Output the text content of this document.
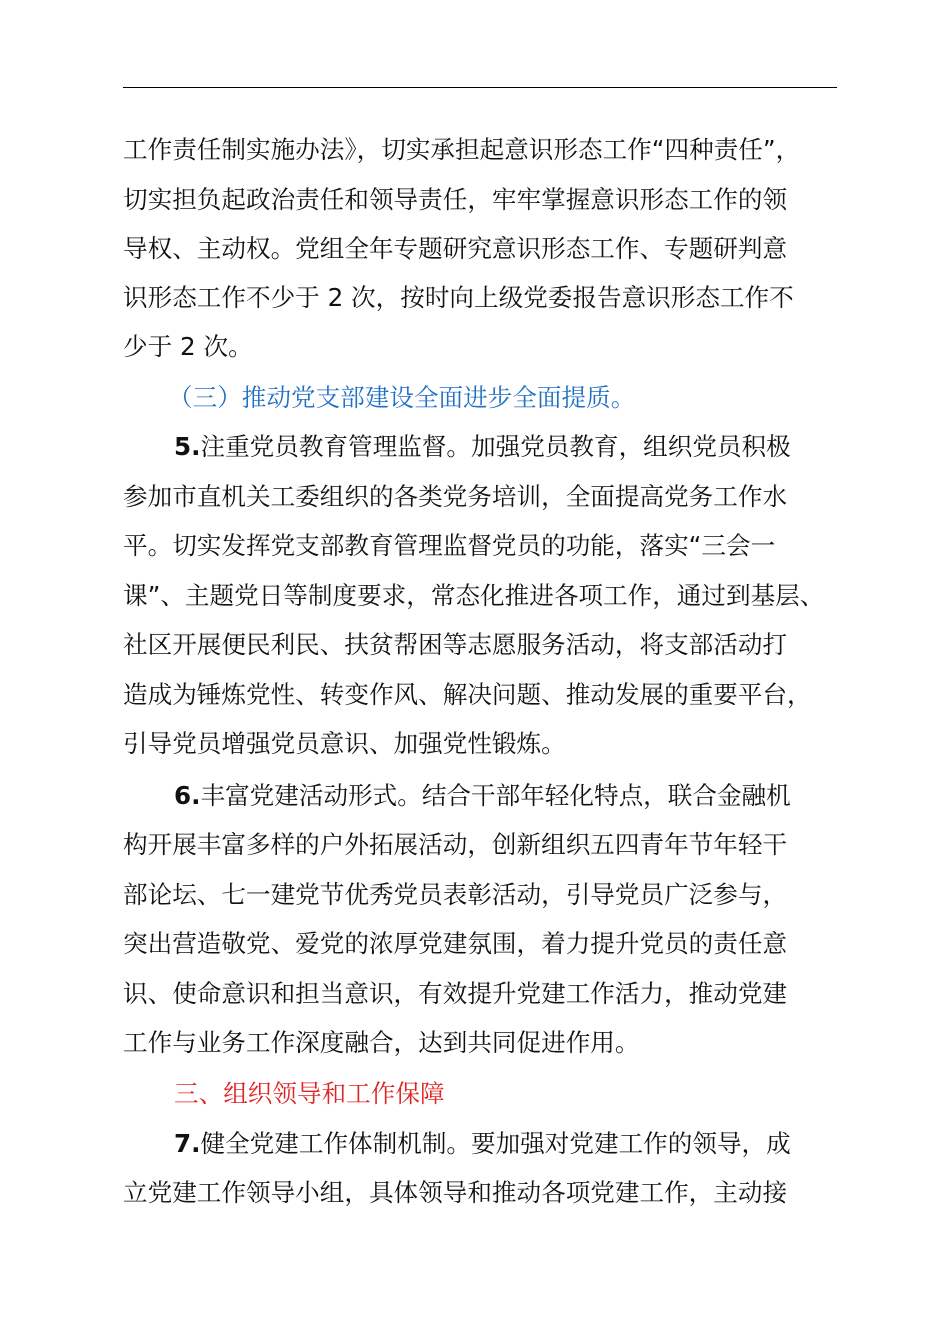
工作责任制实施办法》，切实承担起意识形态工作“四种责任”，
切实担负起政治责任和领导责任，牢牢掌握意识形态工作的领
导权、主动权。党组全年专题研究意识形态工作、专题研判意
识形态工作不少于 2 次，按时向上级党委报告意识形态工作不
少于 2 次。
（三）推动党支部建设全面进步全面提质。
5.注重党员教育管理监督。加强党员教育，组织党员积极
参加市直机关工委组织的各类党务培训，全面提高党务工作水
平。切实发挥党支部教育管理监督党员的功能，落实“三会一
课”、主题党日等制度要求，常态化推进各项工作，通过到基层、
社区开展便民利民、扶贫帮困等志愿服务活动，将支部活动打
造成为锤炼党性、转变作风、解决问题、推动发展的重要平台，
引导党员增强党员意识、加强党性锻炼。
6.丰富党建活动形式。结合干部年轻化特点，联合金融机
构开展丰富多样的户外拓展活动，创新组织五四青年节年轻干
部论坛、七一建党节优秀党员表彰活动，引导党员广泛参与，
突出营造敬党、爱党的浓厚党建氛围，着力提升党员的责任意
识、使命意识和担当意识，有效提升党建工作活力，推动党建
工作与业务工作深度融合，达到共同促进作用。
三、组织领导和工作保障
7.健全党建工作体制机制。要加强对党建工作的领导，成
立党建工作领导小组，具体领导和推动各项党建工作，主动接
